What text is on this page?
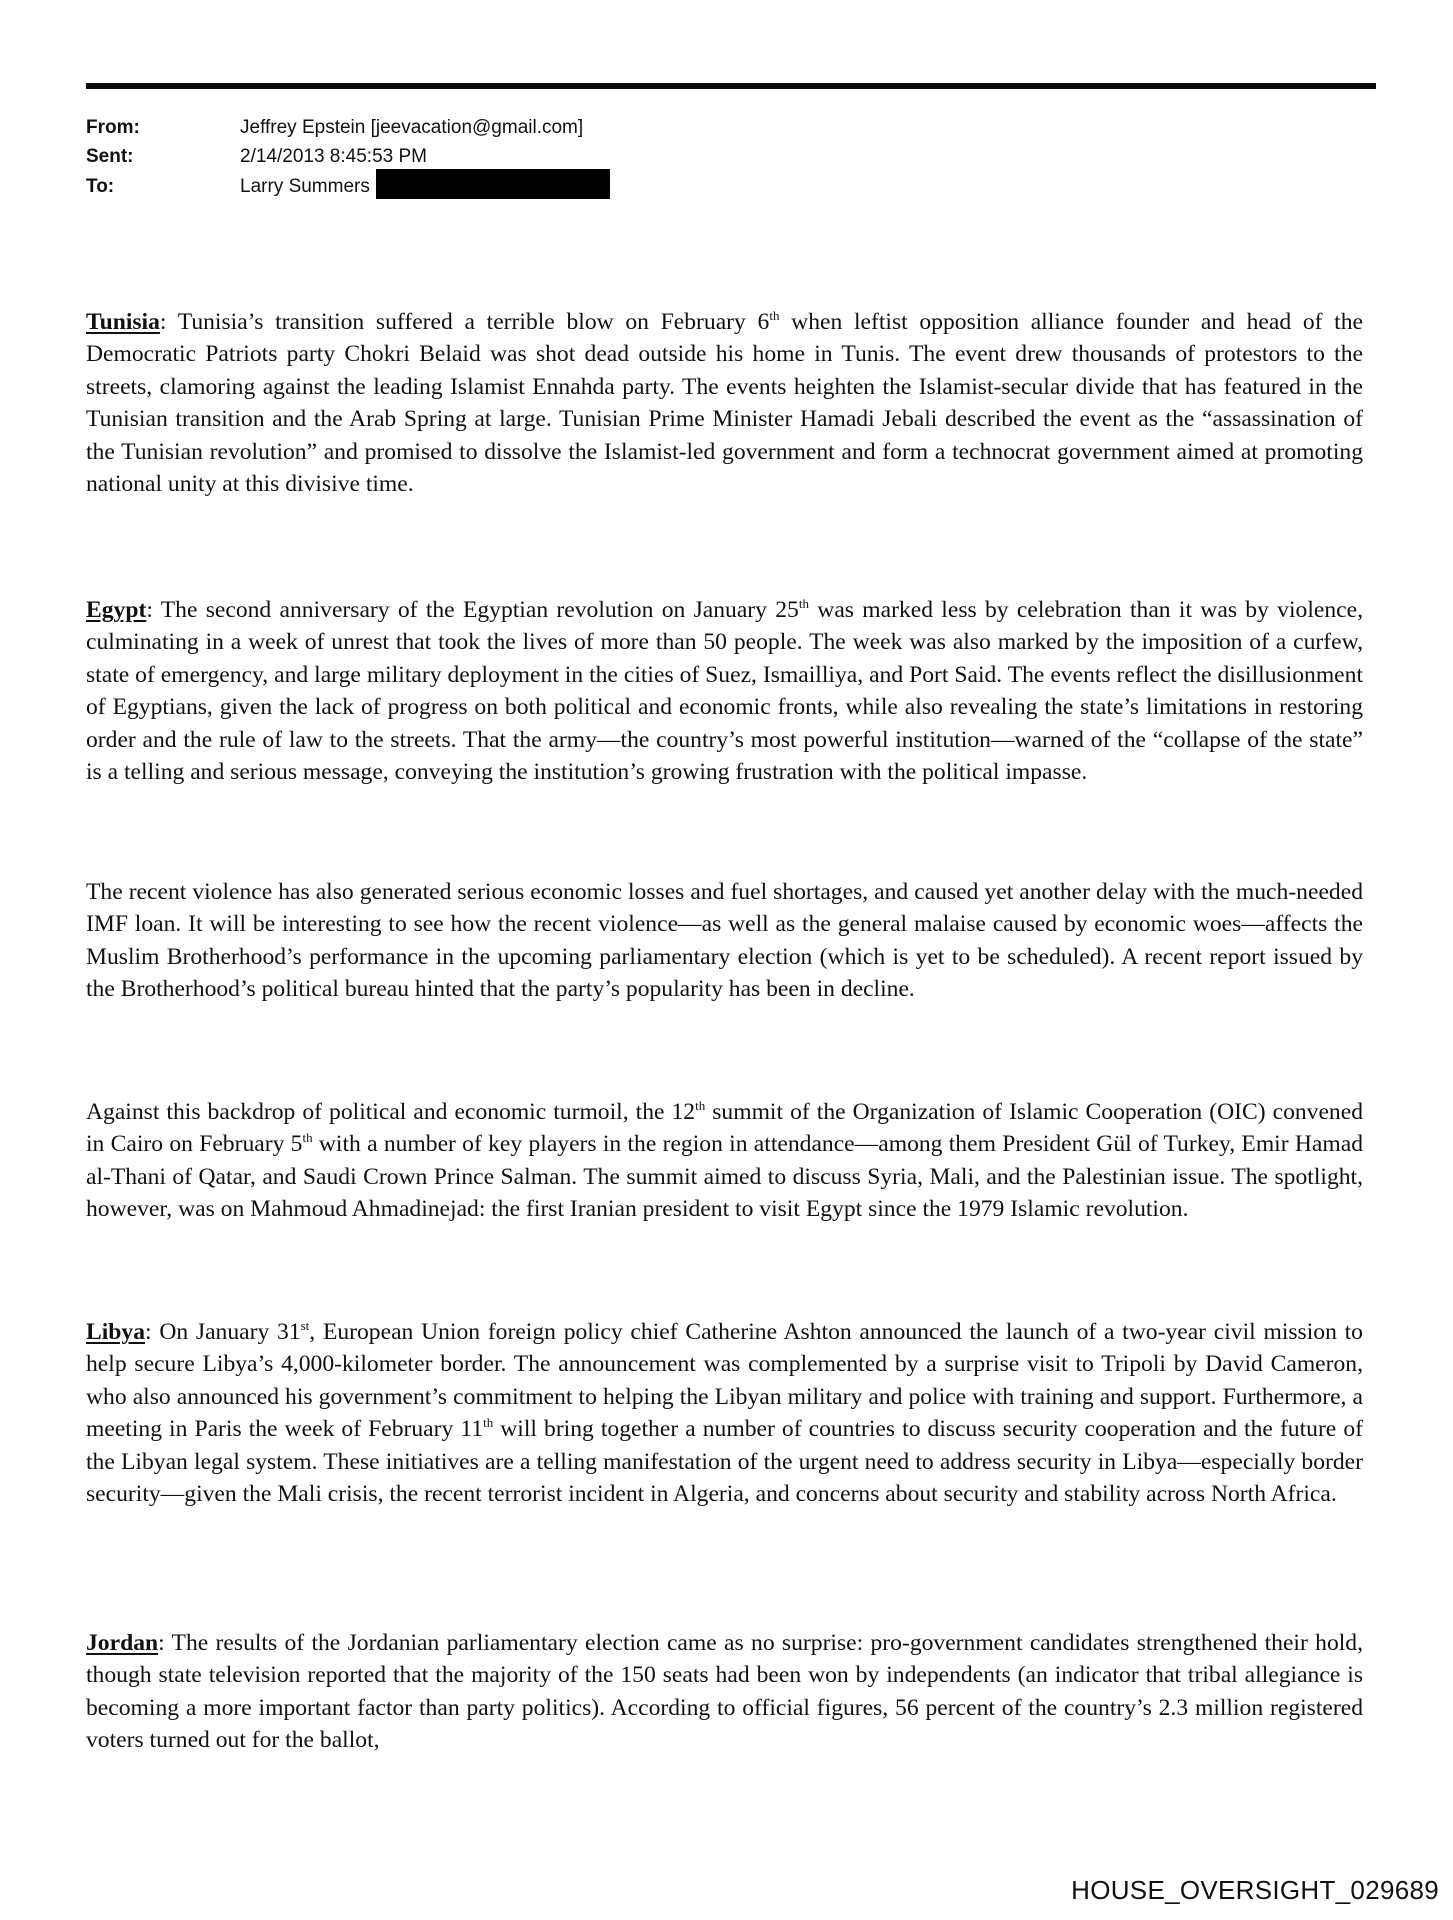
From:	Jeffrey Epstein [jeevacation@gmail.com]
Sent:	2/14/2013 8:45:53 PM
To:	Larry Summers
Tunisia: Tunisia’s transition suffered a terrible blow on February 6th when leftist opposition alliance founder and head of the Democratic Patriots party Chokri Belaid was shot dead outside his home in Tunis. The event drew thousands of protestors to the streets, clamoring against the leading Islamist Ennahda party. The events heighten the Islamist-secular divide that has featured in the Tunisian transition and the Arab Spring at large. Tunisian Prime Minister Hamadi Jebali described the event as the “assassination of the Tunisian revolution” and promised to dissolve the Islamist-led government and form a technocrat government aimed at promoting national unity at this divisive time.
Egypt: The second anniversary of the Egyptian revolution on January 25th was marked less by celebration than it was by violence, culminating in a week of unrest that took the lives of more than 50 people. The week was also marked by the imposition of a curfew, state of emergency, and large military deployment in the cities of Suez, Ismailliya, and Port Said. The events reflect the disillusionment of Egyptians, given the lack of progress on both political and economic fronts, while also revealing the state’s limitations in restoring order and the rule of law to the streets. That the army—the country’s most powerful institution—warned of the “collapse of the state” is a telling and serious message, conveying the institution’s growing frustration with the political impasse.
The recent violence has also generated serious economic losses and fuel shortages, and caused yet another delay with the much-needed IMF loan. It will be interesting to see how the recent violence—as well as the general malaise caused by economic woes—affects the Muslim Brotherhood’s performance in the upcoming parliamentary election (which is yet to be scheduled). A recent report issued by the Brotherhood’s political bureau hinted that the party’s popularity has been in decline.
Against this backdrop of political and economic turmoil, the 12th summit of the Organization of Islamic Cooperation (OIC) convened in Cairo on February 5th with a number of key players in the region in attendance—among them President Gül of Turkey, Emir Hamad al-Thani of Qatar, and Saudi Crown Prince Salman. The summit aimed to discuss Syria, Mali, and the Palestinian issue. The spotlight, however, was on Mahmoud Ahmadinejad: the first Iranian president to visit Egypt since the 1979 Islamic revolution.
Libya: On January 31st, European Union foreign policy chief Catherine Ashton announced the launch of a two-year civil mission to help secure Libya’s 4,000-kilometer border. The announcement was complemented by a surprise visit to Tripoli by David Cameron, who also announced his government’s commitment to helping the Libyan military and police with training and support. Furthermore, a meeting in Paris the week of February 11th will bring together a number of countries to discuss security cooperation and the future of the Libyan legal system. These initiatives are a telling manifestation of the urgent need to address security in Libya—especially border security—given the Mali crisis, the recent terrorist incident in Algeria, and concerns about security and stability across North Africa.
Jordan: The results of the Jordanian parliamentary election came as no surprise: pro-government candidates strengthened their hold, though state television reported that the majority of the 150 seats had been won by independents (an indicator that tribal allegiance is becoming a more important factor than party politics). According to official figures, 56 percent of the country’s 2.3 million registered voters turned out for the ballot,
HOUSE_OVERSIGHT_029689
